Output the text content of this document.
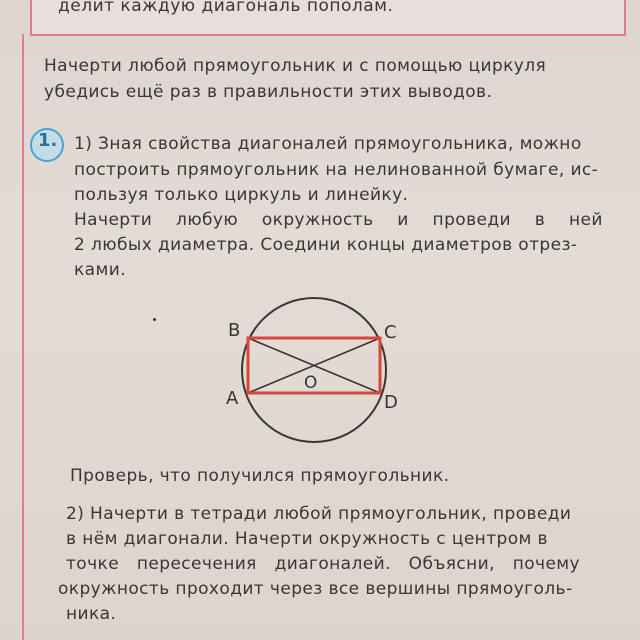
делит каждую диагональ пополам.
Начерти любой прямоугольник и с помощью циркуля
убедись ещё раз в правильности этих выводов.
1. 1) Зная свойства диагоналей прямоугольника, можно
построить прямоугольник на нелинованной бумаге, ис-
пользуя только циркуль и линейку.
Начерти любую окружность и проведи в ней
2 любых диаметра. Соедини концы диаметров отрез-
ками.
B	C
A	D
O
Проверь, что получился прямоугольник.
2) Начерти в тетради любой прямоугольник, проведи
в нём диагонали. Начерти окружность с центром в
точке пересечения диагоналей. Объясни, почему
окружность проходит через все вершины прямоуголь-
ника.
